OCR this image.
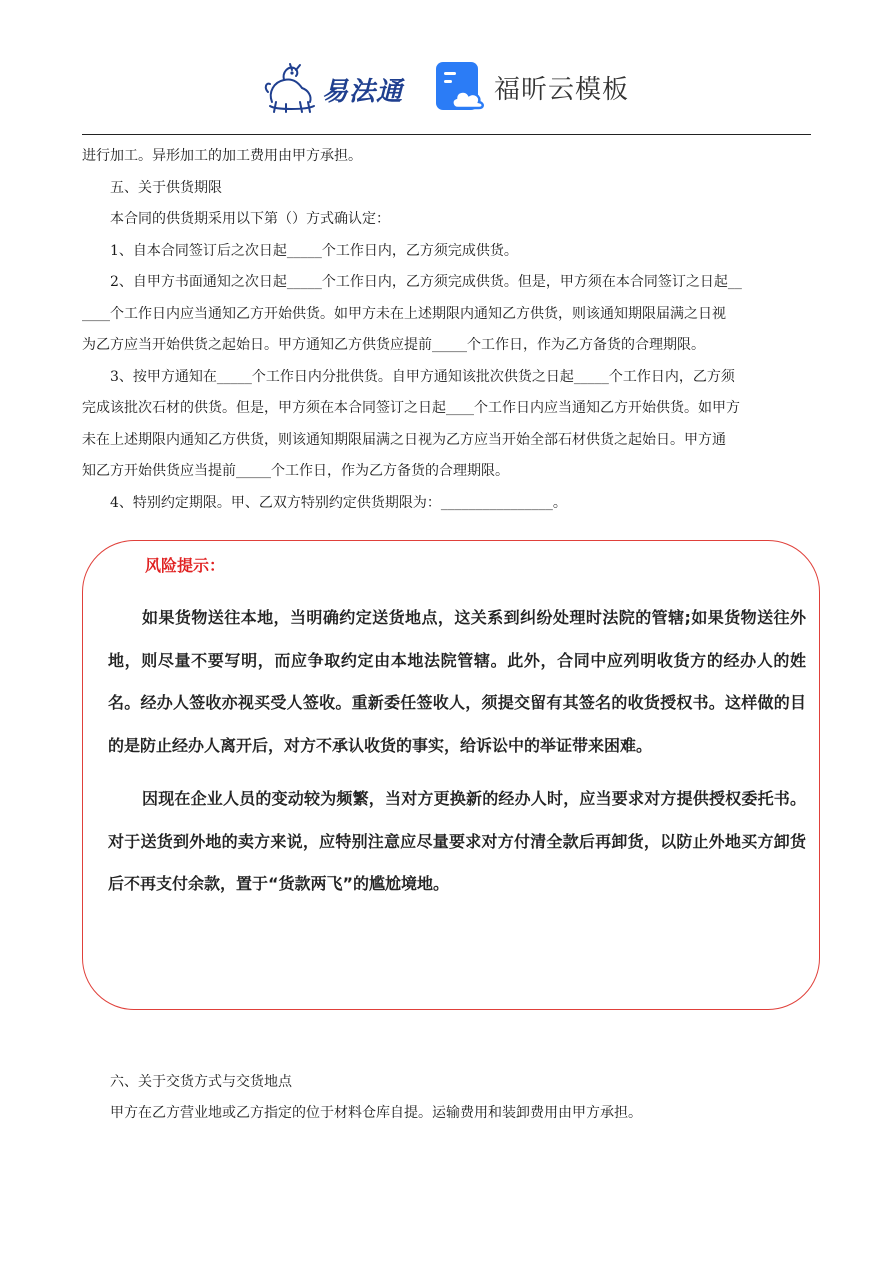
易法通	福昕云模板

进行加工。异形加工的加工费用由甲方承担。

五、关于供货期限

本合同的供货期采用以下第（）方式确认定：

1、自本合同签订后之次日起_____个工作日内，乙方须完成供货。

2、自甲方书面通知之次日起_____个工作日内，乙方须完成供货。但是，甲方须在本合同签订之日起__

____个工作日内应当通知乙方开始供货。如甲方未在上述期限内通知乙方供货，则该通知期限届满之日视

为乙方应当开始供货之起始日。甲方通知乙方供货应提前_____个工作日，作为乙方备货的合理期限。

3、按甲方通知在_____个工作日内分批供货。自甲方通知该批次供货之日起_____个工作日内，乙方须

完成该批次石材的供货。但是，甲方须在本合同签订之日起____个工作日内应当通知乙方开始供货。如甲方

未在上述期限内通知乙方供货，则该通知期限届满之日视为乙方应当开始全部石材供货之起始日。甲方通

知乙方开始供货应当提前_____个工作日，作为乙方备货的合理期限。

4、特别约定期限。甲、乙双方特别约定供货期限为：________________。

风险提示：

如果货物送往本地，当明确约定送货地点，这关系到纠纷处理时法院的管辖;如果货物送往外地，则尽量不要写明，而应争取约定由本地法院管辖。此外，合同中应列明收货方的经办人的姓名。经办人签收亦视买受人签收。重新委任签收人，须提交留有其签名的收货授权书。这样做的目的是防止经办人离开后，对方不承认收货的事实，给诉讼中的举证带来困难。

因现在企业人员的变动较为频繁，当对方更换新的经办人时，应当要求对方提供授权委托书。对于送货到外地的卖方来说，应特别注意应尽量要求对方付清全款后再卸货，以防止外地买方卸货后不再支付余款，置于“货款两飞”的尴尬境地。

六、关于交货方式与交货地点

甲方在乙方营业地或乙方指定的位于材料仓库自提。运输费用和装卸费用由甲方承担。
